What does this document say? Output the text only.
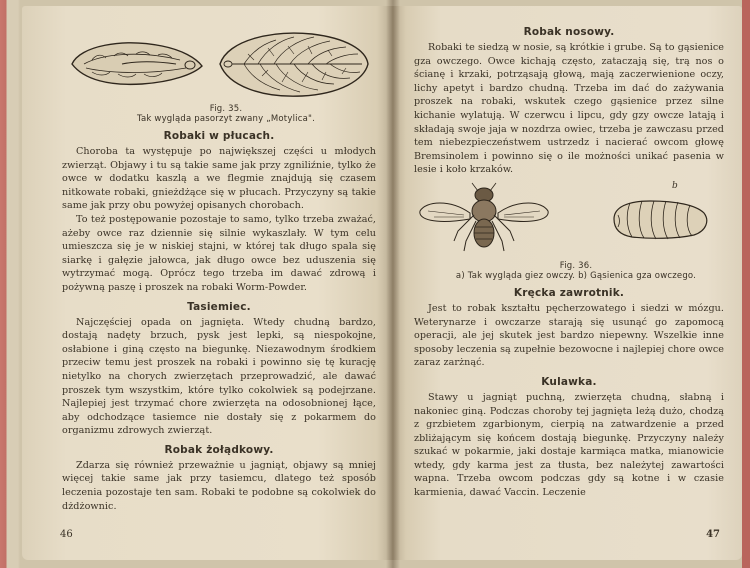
Fig. 35.

Tak wygląda pasorzyt zwany „Motylica".

Robaki w płucach.

Choroba ta występuje po największej części u młodych zwierząt. Objawy i tu są takie same jak przy zgniliźnie, tylko że owce w dodatku kaszlą a we flegmie znajdują się czasem nitkowate robaki, gnieżdżące się w płucach. Przyczyny są takie same jak przy obu powyżej opisanych chorobach.

To też postępowanie pozostaje to samo, tylko trzeba zważać, ażeby owce raz dziennie się silnie wykaszlały. W tym celu umieszcza się je w niskiej stajni, w której tak długo spala się siarkę i gałęzie jałowca, jak długo owce bez uduszenia się wytrzymać mogą. Oprócz tego trzeba im dawać zdrową i pożywną paszę i proszek na robaki Worm-Powder.

Tasiemiec.

Najczęściej opada on jagnięta. Wtedy chudną bardzo, dostają nadęty brzuch, pysk jest lepki, są niespokojne, osłabione i giną często na biegunkę. Niezawodnym środkiem przeciw temu jest proszek na robaki i powinno się tę kurację nietylko na chorych zwierzętach przeprowadzić, ale dawać proszek tym wszystkim, które tylko cokolwiek są podejrzane. Najlepiej jest trzymać chore zwierzęta na odosobnionej łące, aby odchodzące tasiemce nie dostały się z pokarmem do organizmu zdrowych zwierząt.

Robak żołądkowy.

Zdarza się również przeważnie u jagniąt, objawy są mniej więcej takie same jak przy tasiemcu, dlatego też sposób leczenia pozostaje ten sam. Robaki te podobne są cokolwiek do dżdżownic.

46
Robak nosowy.

Robaki te siedzą w nosie, są krótkie i grube. Są to gąsienice gza owczego. Owce kichają często, zataczają się, trą nos o ścianę i krzaki, potrząsają głową, mają zaczerwienione oczy, lichy apetyt i bardzo chudną. Trzeba im dać do zażywania proszek na robaki, wskutek czego gąsienice przez silne kichanie wylatują. W czerwcu i lipcu, gdy gzy owcze latają i składają swoje jaja w nozdrza owiec, trzeba je zawczasu przed tem niebezpieczeństwem ustrzedz i nacierać owcom głowę Bremsinolem i powinno się o ile możności unikać pasenia w lesie i koło krzaków.

b

Fig. 36.

a) Tak wygląda giez owczy. b) Gąsienica gza owczego.

Kręcka zawrotnik.

Jest to robak kształtu pęcherzowatego i siedzi w mózgu. Weterynarze i owczarze starają się usunąć go zapomocą operacji, ale jej skutek jest bardzo niepewny. Wszelkie inne sposoby leczenia są zupełnie bezowocne i najlepiej chore owce zaraz zarżnąć.

Kulawka.

Stawy u jagniąt puchną, zwierzęta chudną, słabną i nakoniec giną. Podczas choroby tej jagnięta leżą dużo, chodzą z grzbietem zgarbionym, cierpią na zatwardzenie a przed zbliżającym się końcem dostają biegunkę. Przyczyny należy szukać w pokarmie, jaki dostaje karmiąca matka, mianowicie wtedy, gdy karma jest za tłusta, bez należytej zawartości wapna. Trzeba owcom podczas gdy są kotne i w czasie karmienia, dawać Vaccin. Leczenie

47
